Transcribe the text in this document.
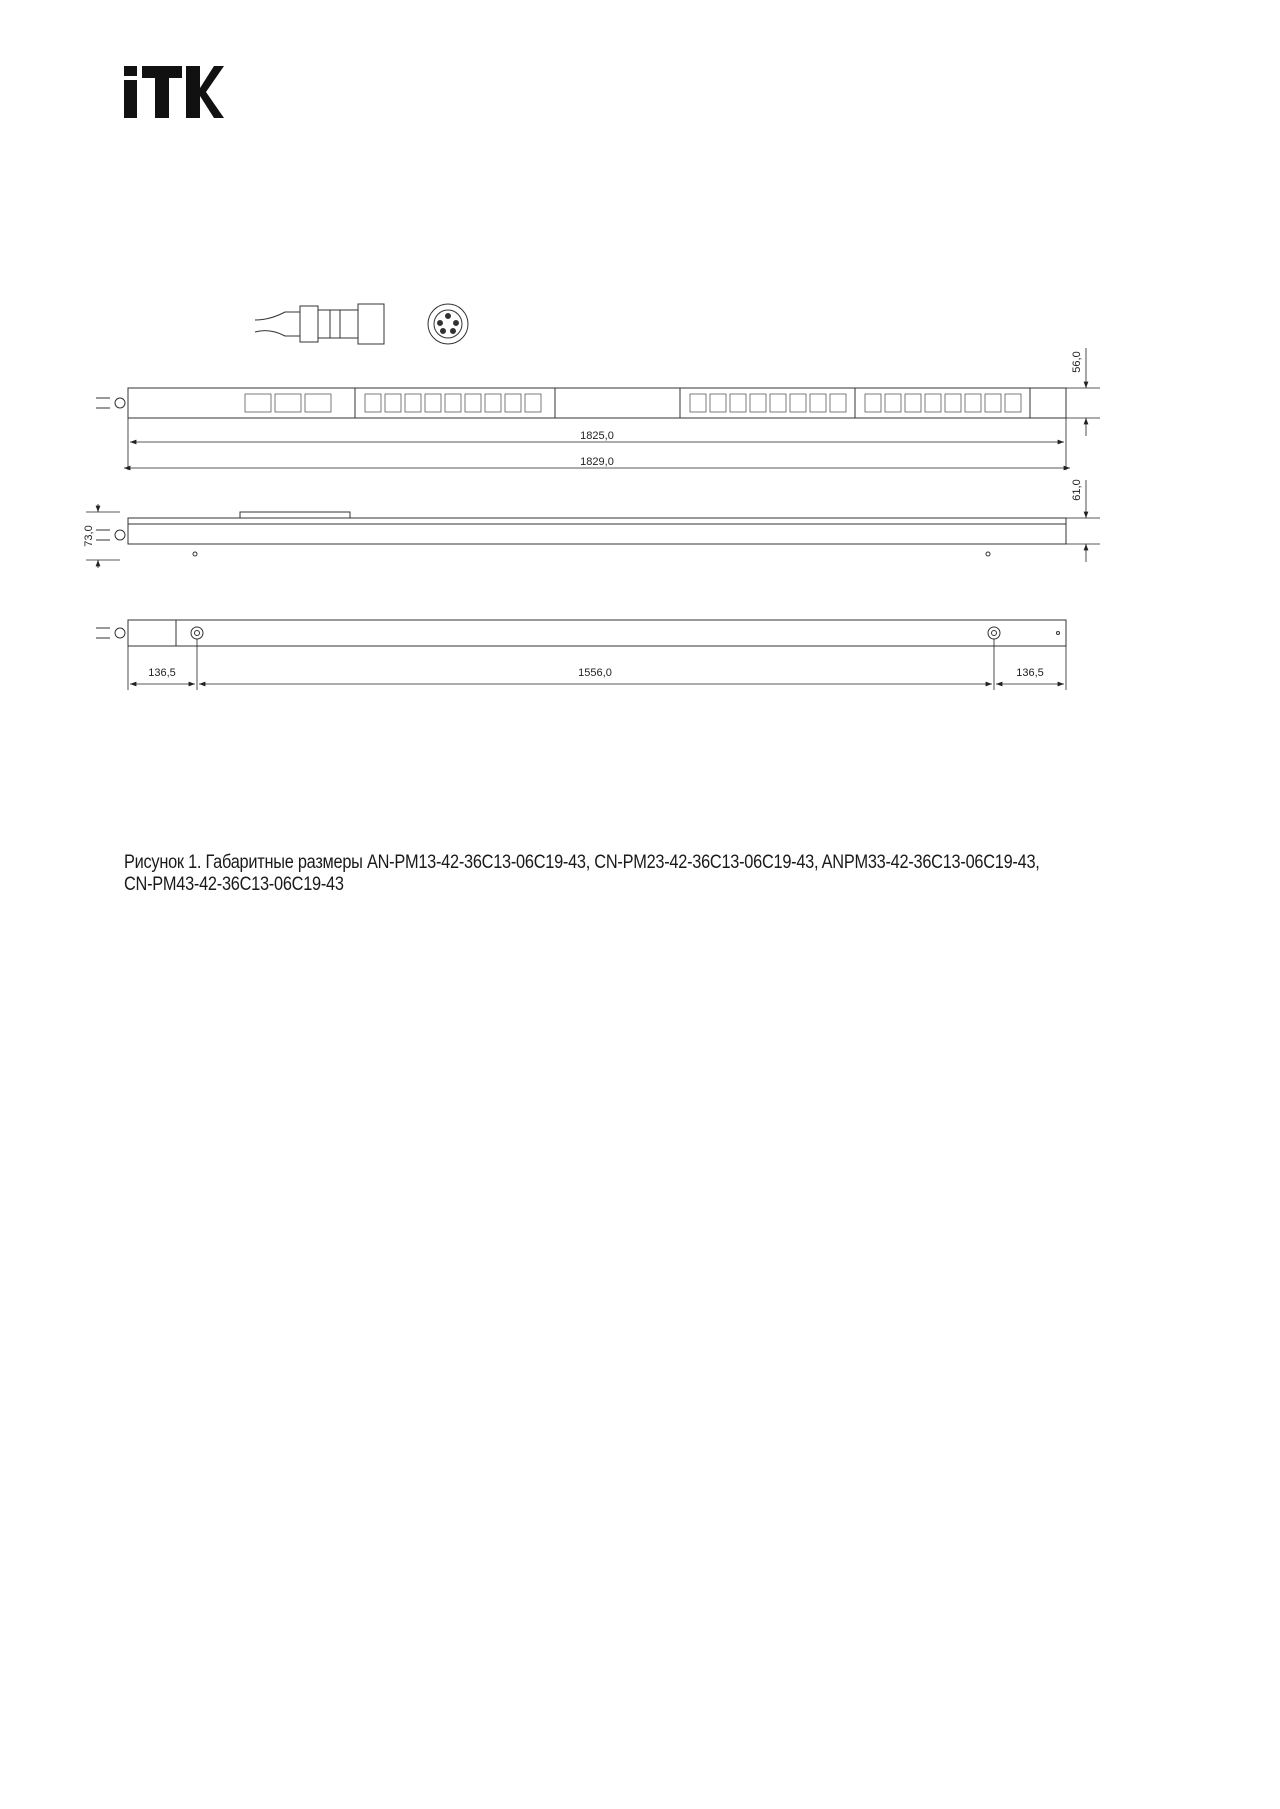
1825,0
1829,0
56,0
73,0
61,0
136,5	1556,0	136,5
Рисунок 1. Габаритные размеры AN-PM13-42-36C13-06C19-43, CN-PM23-42-36C13-06C19-43, ANPM33-42-36C13-06C19-43,
CN-PM43-42-36C13-06C19-43
